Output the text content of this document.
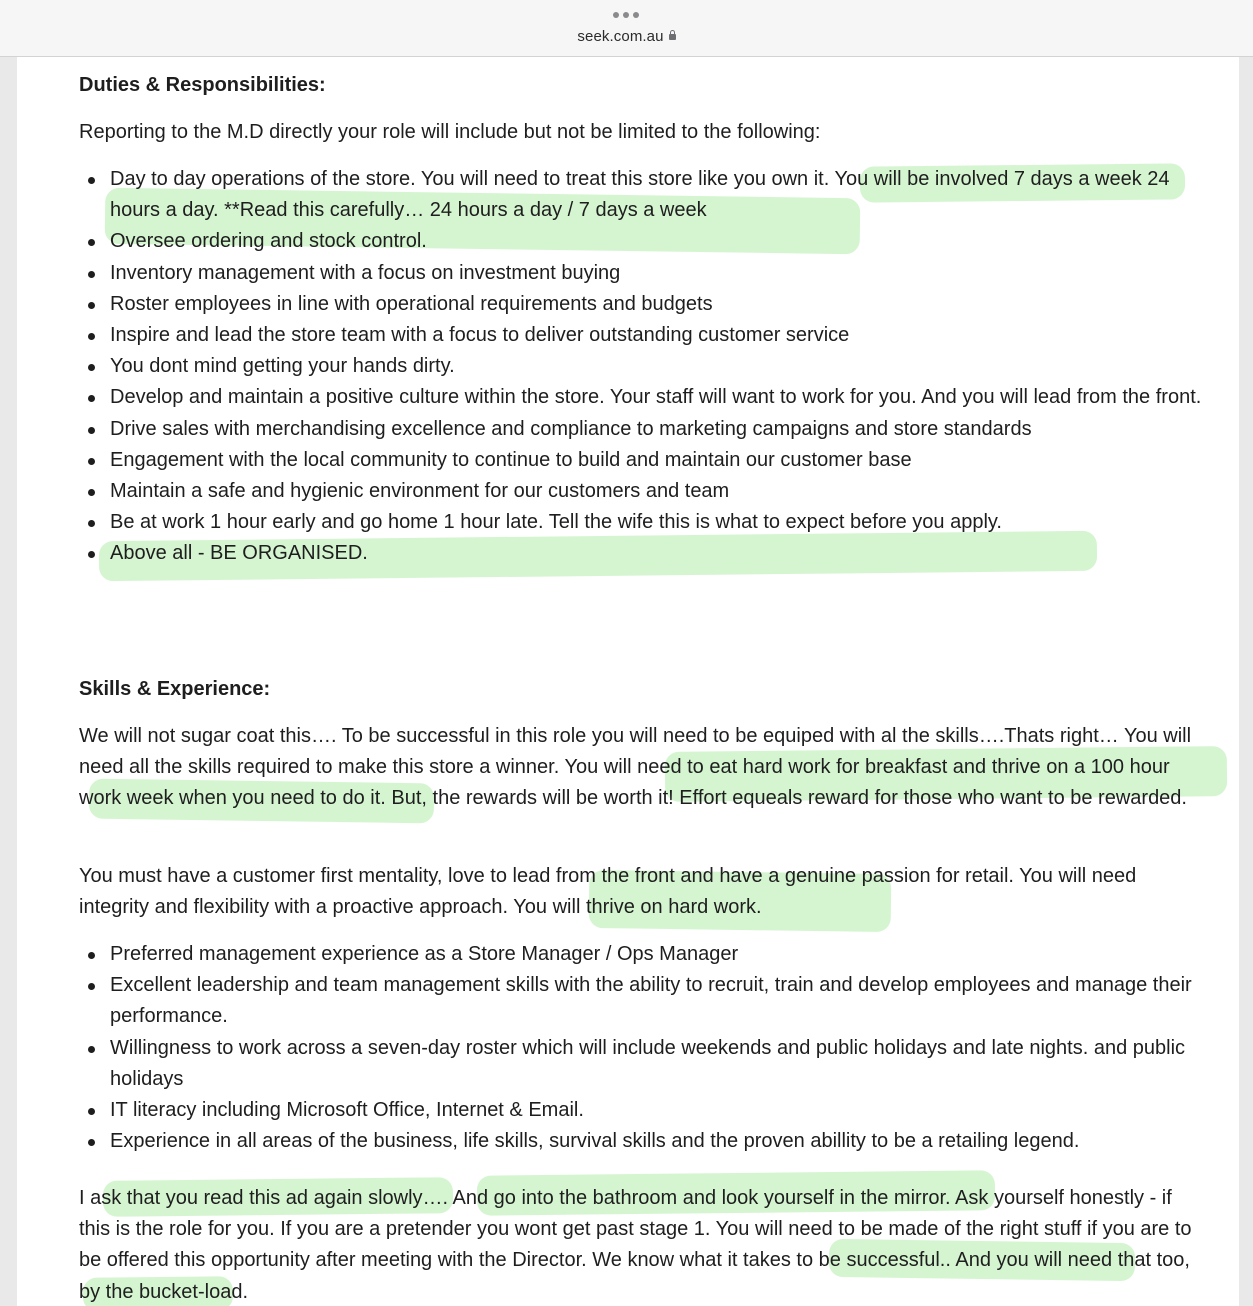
seek.com.au
Duties & Responsibilities:

Reporting to the M.D directly your role will include but not be limited to the following:

Day to day operations of the store. You will need to treat this store like you own it. You will be involved 7 days a week 24 hours a day. **Read this carefully… 24 hours a day / 7 days a week
Oversee ordering and stock control.
Inventory management with a focus on investment buying
Roster employees in line with operational requirements and budgets
Inspire and lead the store team with a focus to deliver outstanding customer service
You dont mind getting your hands dirty.
Develop and maintain a positive culture within the store. Your staff will want to work for you. And you will lead from the front.
Drive sales with merchandising excellence and compliance to marketing campaigns and store standards
Engagement with the local community to continue to build and maintain our customer base
Maintain a safe and hygienic environment for our customers and team
Be at work 1 hour early and go home 1 hour late. Tell the wife this is what to expect before you apply.
Above all - BE ORGANISED.
Skills & Experience:

We will not sugar coat this…. To be successful in this role you will need to be equiped with al the skills….Thats right… You will need all the skills required to make this store a winner. You will need to eat hard work for breakfast and thrive on a 100 hour work week when you need to do it. But, the rewards will be worth it! Effort equeals reward for those who want to be rewarded.

You must have a customer first mentality, love to lead from the front and have a genuine passion for retail. You will need integrity and flexibility with a proactive approach. You will thrive on hard work.

Preferred management experience as a Store Manager / Ops Manager
Excellent leadership and team management skills with the ability to recruit, train and develop employees and manage their performance.
Willingness to work across a seven-day roster which will include weekends and public holidays and late nights. and public holidays
IT literacy including Microsoft Office, Internet & Email.
Experience in all areas of the business, life skills, survival skills and the proven abillity to be a retailing legend.

I ask that you read this ad again slowly…. And go into the bathroom and look yourself in the mirror. Ask yourself honestly - if this is the role for you. If you are a pretender you wont get past stage 1. You will need to be made of the right stuff if you are to be offered this opportunity after meeting with the Director. We know what it takes to be successful.. And you will need that too, by the bucket-load.
